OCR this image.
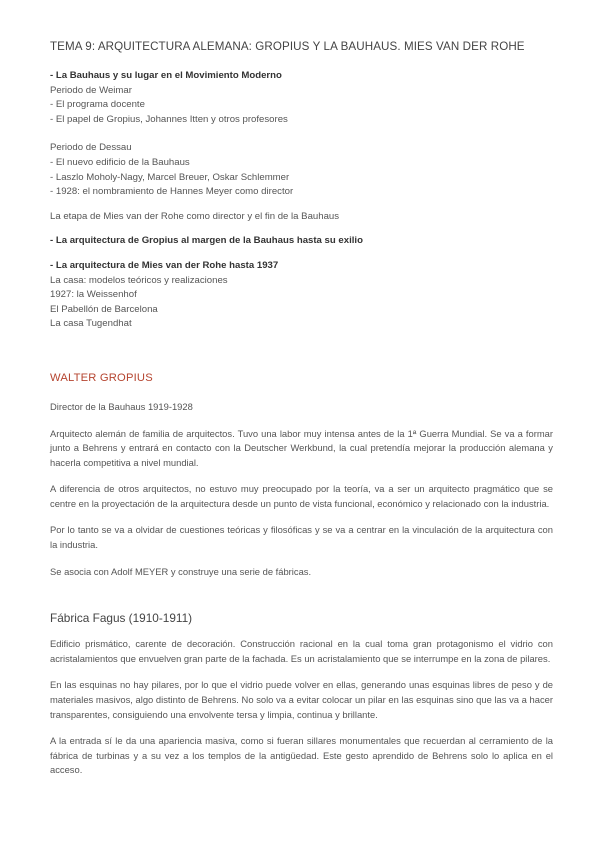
TEMA 9: ARQUITECTURA ALEMANA: GROPIUS Y LA BAUHAUS. MIES VAN DER ROHE

- La Bauhaus y su lugar en el Movimiento Moderno

Periodo de Weimar

- El programa docente

- El papel de Gropius, Johannes Itten y otros profesores

Periodo de Dessau

- El nuevo edificio de la Bauhaus

- Laszlo Moholy-Nagy, Marcel Breuer, Oskar Schlemmer

- 1928: el nombramiento de Hannes Meyer como director

La etapa de Mies van der Rohe como director y el fin de la Bauhaus

- La arquitectura de Gropius al margen de la Bauhaus hasta su exilio

- La arquitectura de Mies van der Rohe hasta 1937

La casa: modelos teóricos y realizaciones

1927: la Weissenhof

El Pabellón de Barcelona

La casa Tugendhat

WALTER GROPIUS

Director de la Bauhaus 1919-1928

Arquitecto alemán de familia de arquitectos. Tuvo una labor muy intensa antes de la 1ª Guerra Mundial. Se va a formar junto a Behrens y entrará en contacto con la Deutscher Werkbund, la cual pretendía mejorar la producción alemana y hacerla competitiva a nivel mundial.

A diferencia de otros arquitectos, no estuvo muy preocupado por la teoría, va a ser un arquitecto pragmático que se centre en la proyectación de la arquitectura desde un punto de vista funcional, económico y relacionado con la industria.

Por lo tanto se va a olvidar de cuestiones teóricas y filosóficas y se va a centrar en la vinculación de la arquitectura con la industria.

Se asocia con Adolf MEYER y construye una serie de fábricas.

Fábrica Fagus (1910-1911)

Edificio prismático, carente de decoración. Construcción racional en la cual toma gran protagonismo el vidrio con acristalamientos que envuelven gran parte de la fachada. Es un acristalamiento que se interrumpe en la zona de pilares.

En las esquinas no hay pilares, por lo que el vidrio puede volver en ellas, generando unas esquinas libres de peso y de materiales masivos, algo distinto de Behrens. No solo va a evitar colocar un pilar en las esquinas sino que las va a hacer transparentes, consiguiendo una envolvente tersa y limpia, continua y brillante.

A la entrada sí le da una apariencia masiva, como si fueran sillares monumentales que recuerdan al cerramiento de la fábrica de turbinas y a su vez a los templos de la antigüedad. Este gesto aprendido de Behrens solo lo aplica en el acceso.
